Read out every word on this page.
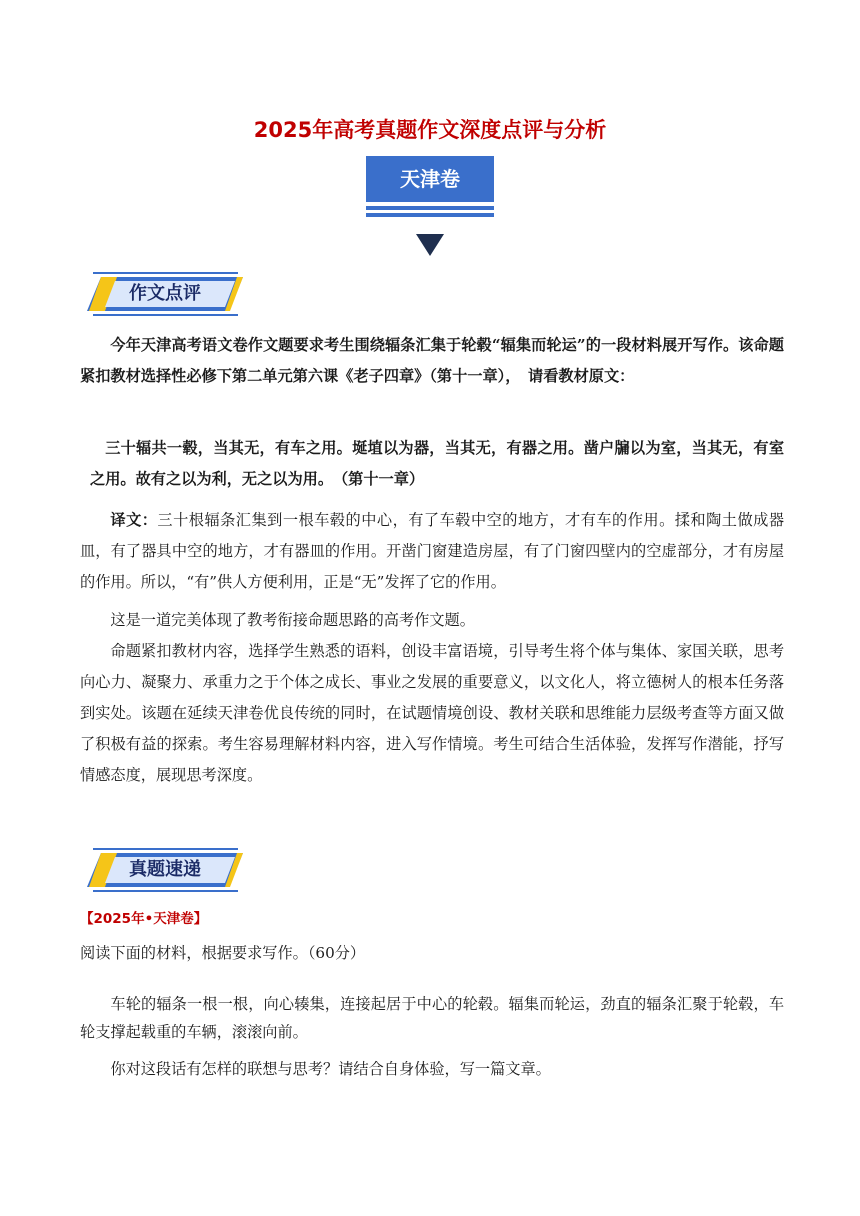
2025年高考真题作文深度点评与分析
天津卷
作文点评

今年天津高考语文卷作文题要求考生围绕辐条汇集于轮毂“辐集而轮运”的一段材料展开写作。该命题紧扣教材选择性必修下第二单元第六课《老子四章》（第十一章），　请看教材原文：

三十辐共一毂，当其无，有车之用。埏埴以为器，当其无，有器之用。凿户牖以为室，当其无，有室之用。故有之以为利，无之以为用。　（第十一章）

译文：三十根辐条汇集到一根车毂的中心，有了车毂中空的地方，才有车的作用。揉和陶土做成器皿，有了器具中空的地方，才有器皿的作用。开凿门窗建造房屋，有了门窗四壁内的空虚部分，才有房屋的作用。所以，“有”供人方便利用，正是“无”发挥了它的作用。

这是一道完美体现了教考衔接命题思路的高考作文题。

命题紧扣教材内容，选择学生熟悉的语料，创设丰富语境，引导考生将个体与集体、家国关联，思考向心力、凝聚力、承重力之于个体之成长、事业之发展的重要意义，以文化人，将立德树人的根本任务落到实处。该题在延续天津卷优良传统的同时，在试题情境创设、教材关联和思维能力层级考查等方面又做了积极有益的探索。考生容易理解材料内容，进入写作情境。考生可结合生活体验，发挥写作潜能，抒写情感态度，展现思考深度。

真题速递
【2025年•天津卷】

阅读下面的材料，根据要求写作。（60分）

车轮的辐条一根一根，向心辏集，连接起居于中心的轮毂。辐集而轮运，劲直的辐条汇聚于轮毂，车轮支撑起载重的车辆，滚滚向前。

你对这段话有怎样的联想与思考？请结合自身体验，写一篇文章。
